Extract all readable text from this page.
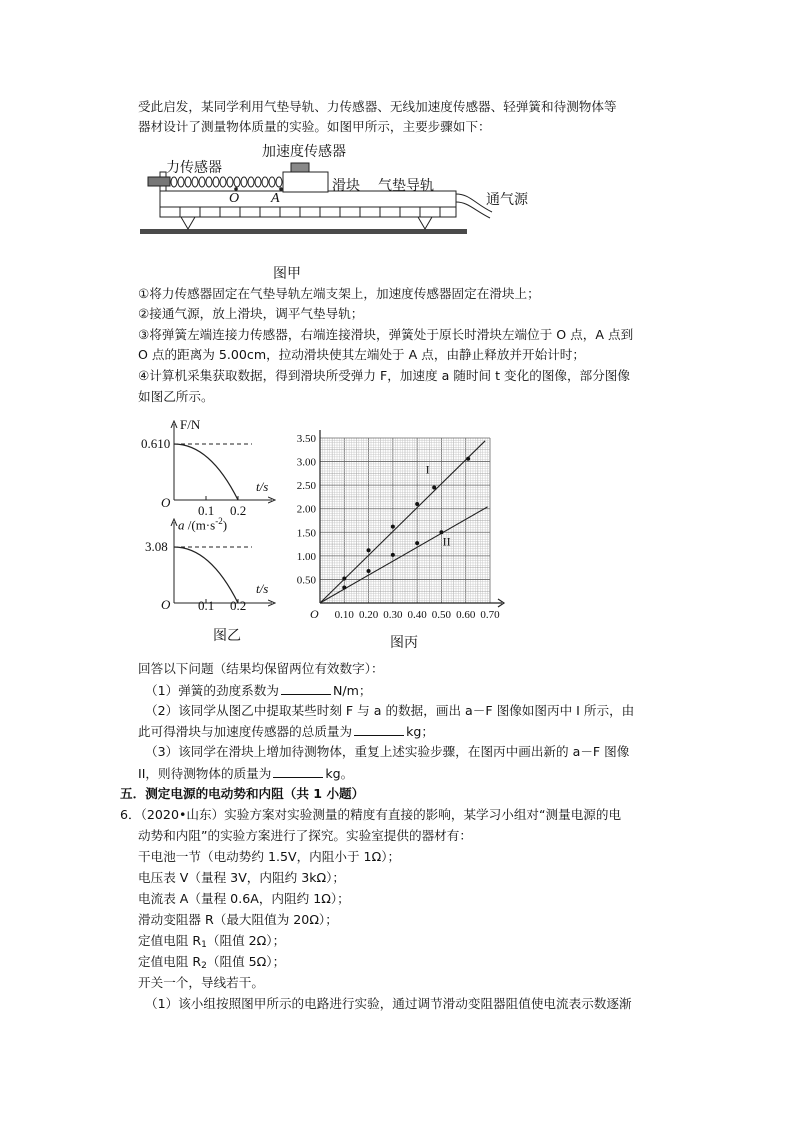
受此启发，某同学利用气垫导轨、力传感器、无线加速度传感器、轻弹簧和待测物体等
器材设计了测量物体质量的实验。如图甲所示，主要步骤如下：
加速度传感器
力传感器
滑块 气垫导轨
通气源
O A
图甲
①将力传感器固定在气垫导轨左端支架上，加速度传感器固定在滑块上；
②接通气源，放上滑块，调平气垫导轨；
③将弹簧左端连接力传感器，右端连接滑块，弹簧处于原长时滑块左端位于 O 点，A 点到
O 点的距离为 5.00cm，拉动滑块使其左端处于 A 点，由静止释放并开始计时；
④计算机采集获取数据，得到滑块所受弹力 F，加速度 a 随时间 t 变化的图像，部分图像
如图乙所示。
F/N
0.610
t/s
O
0.1 0.2
a $/(m\cdot s^{-2})$
3.08
t/s
O 0.1 0.2
图乙
0.10 0.20 0.30 0.40 0.50 0.60 0.70
0.50
1.00
1.50
2.00
2.50
3.00
3.50
O
I
II
图丙
回答以下问题（结果均保留两位有效数字）：
（1）弹簧的劲度系数为	N/m；
（2）该同学从图乙中提取某些时刻 F 与 a 的数据，画出 a－F 图像如图丙中 I 所示，由
此可得滑块与加速度传感器的总质量为	kg；
（3）该同学在滑块上增加待测物体，重复上述实验步骤，在图丙中画出新的 a－F 图像
II，则待测物体的质量为	kg。
五．测定电源的电动势和内阻（共 1 小题）
6．（2020•山东）实验方案对实验测量的精度有直接的影响，某学习小组对“测量电源的电
动势和内阻”的实验方案进行了探究。实验室提供的器材有：
干电池一节（电动势约 1.5V，内阻小于 1Ω）；
电压表 V（量程 3V，内阻约 3kΩ）；
电流表 A（量程 0.6A，内阻约 1Ω）；
滑动变阻器 R（最大阻值为 20Ω）；
定值电阻 $R_1$（阻值 2Ω）；
定值电阻 $R_2$（阻值 5Ω）；
开关一个，导线若干。
（1）该小组按照图甲所示的电路进行实验，通过调节滑动变阻器阻值使电流表示数逐渐
